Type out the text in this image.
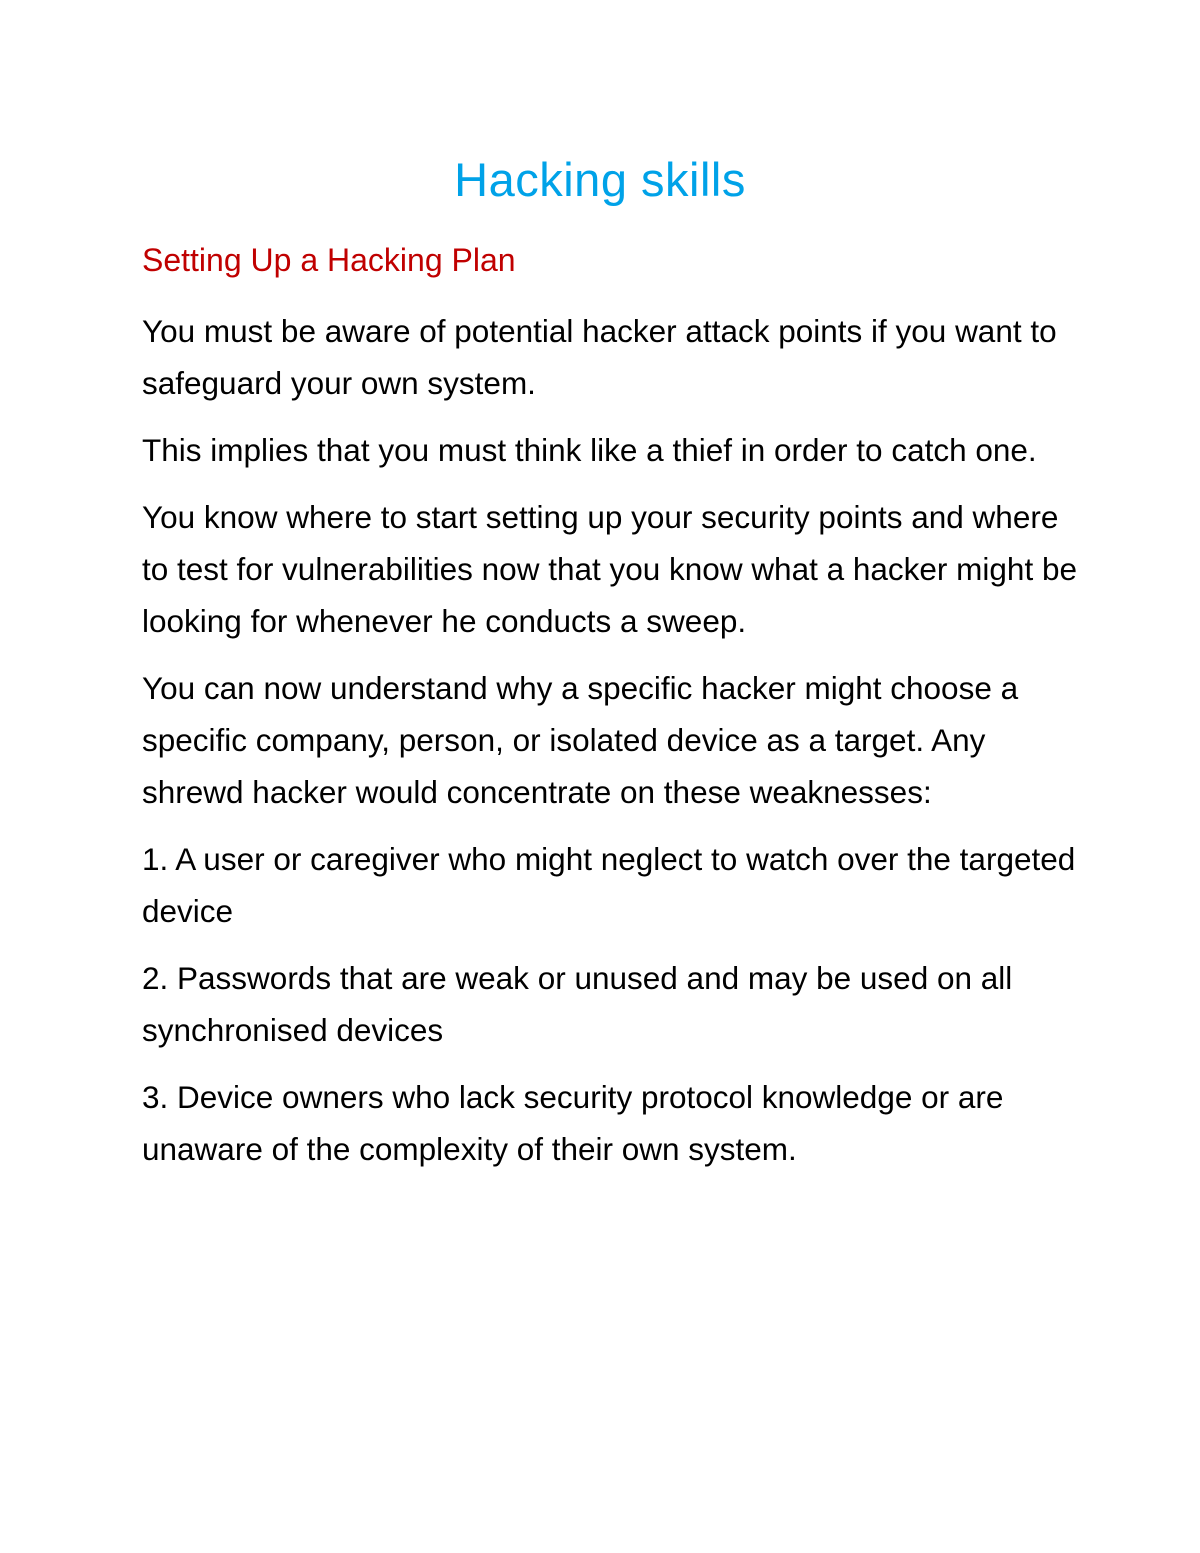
Hacking skills
Setting Up a Hacking Plan

You must be aware of potential hacker attack points if you want to safeguard your own system.

This implies that you must think like a thief in order to catch one.

You know where to start setting up your security points and where to test for vulnerabilities now that you know what a hacker might be looking for whenever he conducts a sweep.

You can now understand why a specific hacker might choose a specific company, person, or isolated device as a target. Any shrewd hacker would concentrate on these weaknesses:

1. A user or caregiver who might neglect to watch over the targeted device

2. Passwords that are weak or unused and may be used on all synchronised devices

3. Device owners who lack security protocol knowledge or are unaware of the complexity of their own system.
